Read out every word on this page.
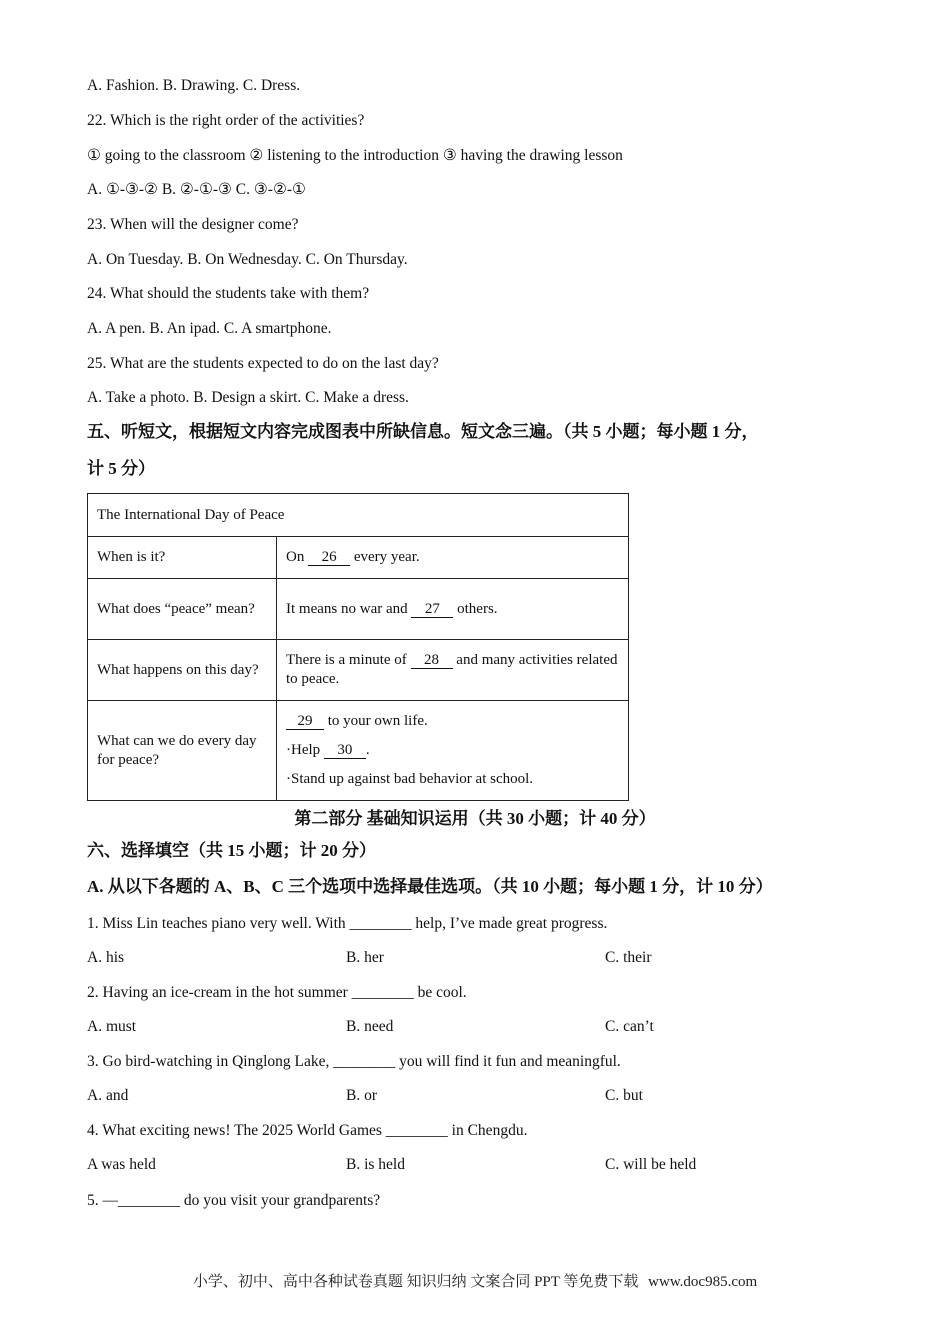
A. Fashion. B. Drawing. C. Dress.
22. Which is the right order of the activities?
① going to the classroom ② listening to the introduction ③ having the drawing lesson
A. ①-③-② B. ②-①-③ C. ③-②-①
23. When will the designer come?
A. On Tuesday. B. On Wednesday. C. On Thursday.
24. What should the students take with them?
A. A pen. B. An ipad. C. A smartphone.
25. What are the students expected to do on the last day?
A. Take a photo. B. Design a skirt. C. Make a dress.
五、听短文，根据短文内容完成图表中所缺信息。短文念三遍。（共 5 小题；每小题 1 分，
计 5 分）
The International Day of Peace	
When is it?	On 26 every year.
What does “peace” mean?	It means no war and 27 others.
What happens on this day?	There is a minute of 28 and many activities related to peace.
What can we do every day for peace?	29 to your own life.
·Help 30 .
·Stand up against bad behavior at school.
第二部分 基础知识运用（共 30 小题；计 40 分）
六、选择填空（共 15 小题；计 20 分）
A. 从以下各题的 A、B、C 三个选项中选择最佳选项。（共 10 小题；每小题 1 分，计 10 分）
1. Miss Lin teaches piano very well. With ________ help, I’ve made great progress.
A. his	B. her	C. their
2. Having an ice-cream in the hot summer ________ be cool.
A. must	B. need	C. can’t
3. Go bird-watching in Qinglong Lake, ________ you will find it fun and meaningful.
A. and	B. or	C. but
4. What exciting news! The 2025 World Games ________ in Chengdu.
A was held	B. is held	C. will be held
5. —________ do you visit your grandparents?
小学、初中、高中各种试卷真题 知识归纳 文案合同 PPT 等免费下载 www.doc985.com
